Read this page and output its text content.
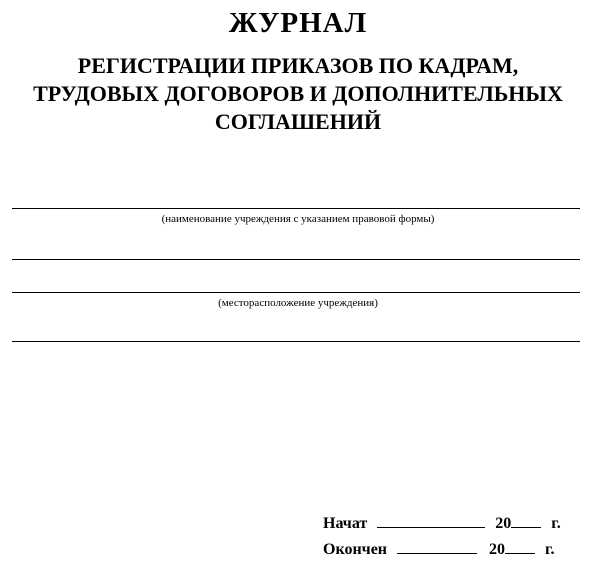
ЖУРНАЛ
РЕГИСТРАЦИИ ПРИКАЗОВ ПО КАДРАМ,
ТРУДОВЫХ ДОГОВОРОВ И ДОПОЛНИТЕЛЬНЫХ
СОГЛАШЕНИЙ
(наименование учреждения с указанием правовой формы)
(месторасположение учреждения)
Начат	20	г.
Окончен	20	г.
